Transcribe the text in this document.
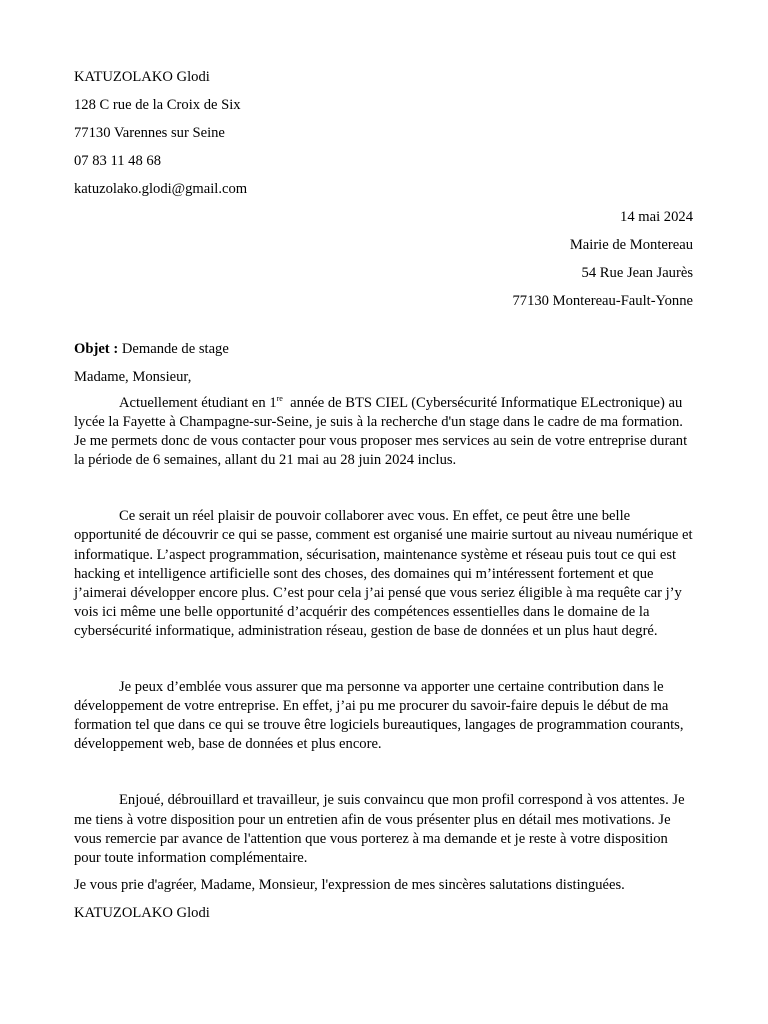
KATUZOLAKO Glodi
128 C rue de la Croix de Six
77130 Varennes sur Seine
07 83 11 48 68
katuzolako.glodi@gmail.com
14 mai 2024
Mairie de Montereau
54 Rue Jean Jaurès
77130 Montereau-Fault-Yonne
Objet : Demande de stage
Madame, Monsieur,

Actuellement étudiant en 1re  année de BTS CIEL (Cybersécurité Informatique ELectronique) au lycée la Fayette à Champagne-sur-Seine, je suis à la recherche d'un stage dans le cadre de ma formation. Je me permets donc de vous contacter pour vous proposer mes services au sein de votre entreprise durant la période de 6 semaines, allant du 21 mai au 28 juin 2024 inclus.

Ce serait un réel plaisir de pouvoir collaborer avec vous. En effet, ce peut être une belle opportunité de découvrir ce qui se passe, comment est organisé une mairie surtout au niveau numérique et informatique. L’aspect programmation, sécurisation, maintenance système et réseau puis tout ce qui est hacking et intelligence artificielle sont des choses, des domaines qui m’intéressent fortement et que j’aimerai développer encore plus. C’est pour cela j’ai pensé que vous seriez éligible à ma requête car j’y vois ici même une belle opportunité d’acquérir des compétences essentielles dans le domaine de la cybersécurité informatique, administration réseau, gestion de base de données et un plus haut degré.

Je peux d’emblée vous assurer que ma personne va apporter une certaine contribution dans le développement de votre entreprise. En effet, j’ai pu me procurer du savoir-faire depuis le début de ma formation tel que dans ce qui se trouve être logiciels bureautiques, langages de programmation courants, développement web, base de données et plus encore.

Enjoué, débrouillard et travailleur, je suis convaincu que mon profil correspond à vos attentes. Je me tiens à votre disposition pour un entretien afin de vous présenter plus en détail mes motivations. Je vous remercie par avance de l'attention que vous porterez à ma demande et je reste à votre disposition pour toute information complémentaire.

Je vous prie d'agréer, Madame, Monsieur, l'expression de mes sincères salutations distinguées.
KATUZOLAKO Glodi
